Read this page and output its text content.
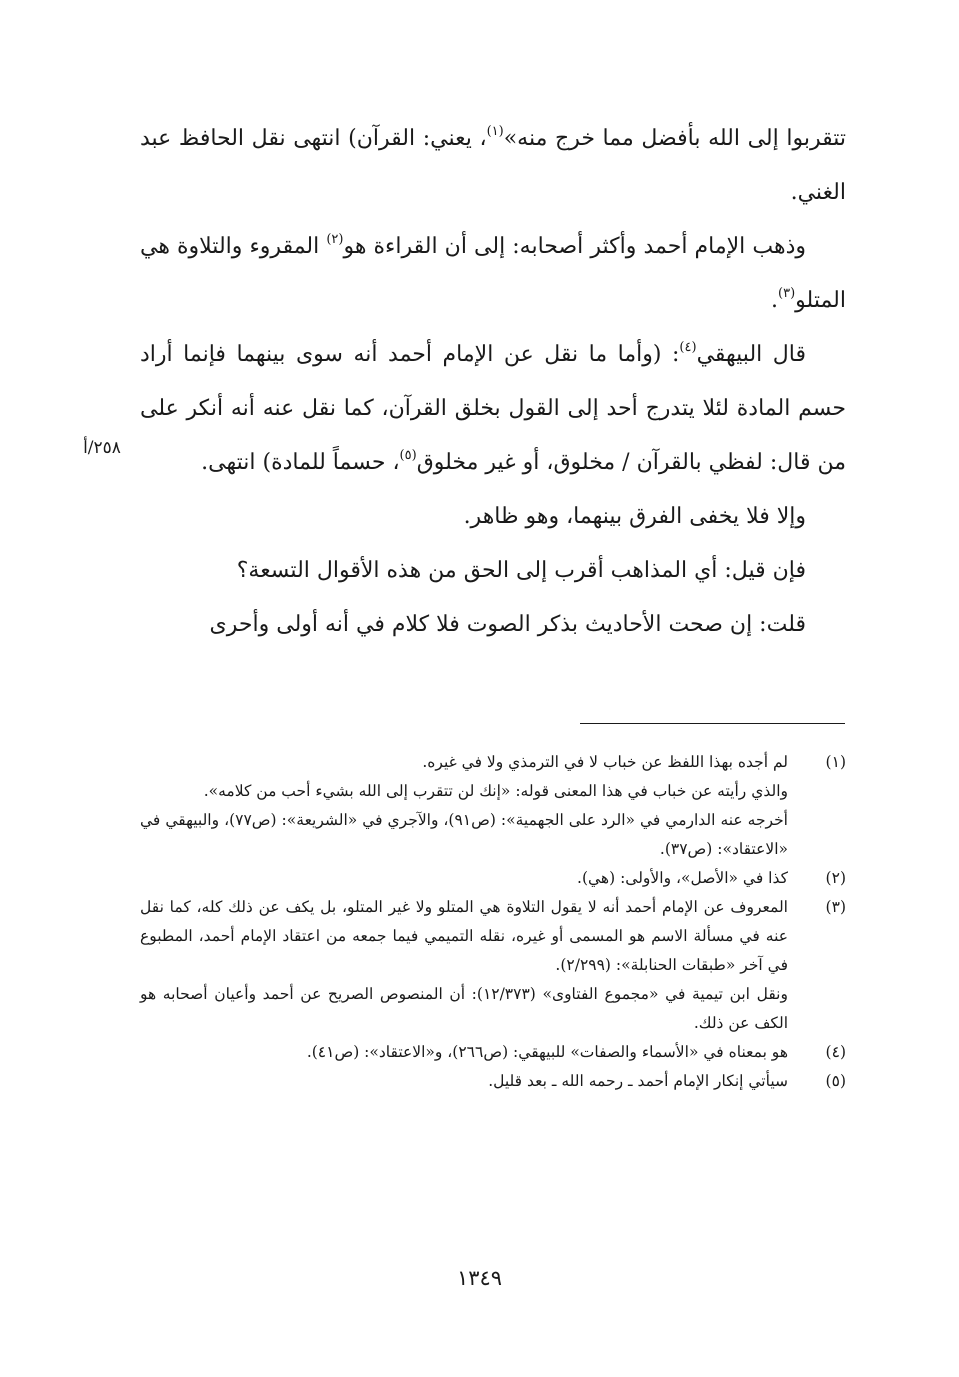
تتقربوا إلى الله بأفضل مما خرج منه»$^{(١)}$، يعني: القرآن) انتهى نقل الحافظ عبد الغني.

وذهب الإمام أحمد وأكثر أصحابه: إلى أن القراءة هو$^{(٢)}$ المقروء والتلاوة هي المتلو$^{(٣)}$.

قال البيهقي$^{(٤)}$: (وأما ما نقل عن الإمام أحمد أنه سوى بينهما فإنما أراد حسم المادة لئلا يتدرج أحد إلى القول بخلق القرآن، كما نقل عنه أنه أنكر على من قال: لفظي بالقرآن / مخلوق، أو غير مخلوق$^{(٥)}$، حسماً للمادة) انتهى.

وإلا فلا يخفى الفرق بينهما، وهو ظاهر.

فإن قيل: أي المذاهب أقرب إلى الحق من هذه الأقوال التسعة؟

قلت: إن صحت الأحاديث بذكر الصوت فلا كلام في أنه أولى وأحرى

٢٥٨/أ
(١)

لم أجده بهذا اللفظ عن خباب لا في الترمذي ولا في غيره.

والذي رأيته عن خباب في هذا المعنى قوله: «إنك لن تتقرب إلى الله بشيء أحب من كلامه».

أخرجه عنه الدارمي في «الرد على الجهمية»: (ص٩١)، والآجري في «الشريعة»: (ص٧٧)، والبيهقي في «الاعتقاد»: (ص٣٧).

(٢)

كذا في «الأصل»، والأولى: (هي).

(٣)

المعروف عن الإمام أحمد أنه لا يقول التلاوة هي المتلو ولا غير المتلو، بل يكف عن ذلك كله، كما نقل عنه في مسألة الاسم هو المسمى أو غيره، نقله التميمي فيما جمعه من اعتقاد الإمام أحمد، المطبوع في آخر «طبقات الحنابلة»: (٢/٢٩٩).

ونقل ابن تيمية في «مجموع الفتاوى» (١٢/٣٧٣): أن المنصوص الصريح عن أحمد وأعيان أصحابه هو الكف عن ذلك.

(٤)

هو بمعناه في «الأسماء والصفات» للبيهقي: (ص٢٦٦)، و«الاعتقاد»: (ص٤١).

(٥)

سيأتي إنكار الإمام أحمد ـ رحمه الله ـ بعد قليل.

١٣٤٩
